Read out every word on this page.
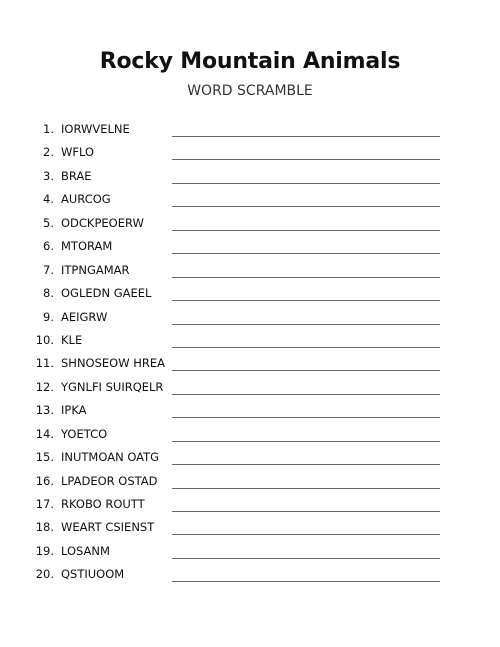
Rocky Mountain Animals
WORD SCRAMBLE
1. IORWVELNE
2. WFLO
3. BRAE
4. AURCOG
5. ODCKPEOERW
6. MTORAM
7. ITPNGAMAR
8. OGLEDN GAEEL
9. AEIGRW
10. KLE
11. SHNOSEOW HREA
12. YGNLFI SUIRQELR
13. IPKA
14. YOETCO
15. INUTMOAN OATG
16. LPADEOR OSTAD
17. RKOBO ROUTT
18. WEART CSIENST
19. LOSANM
20. QSTIUOOM
